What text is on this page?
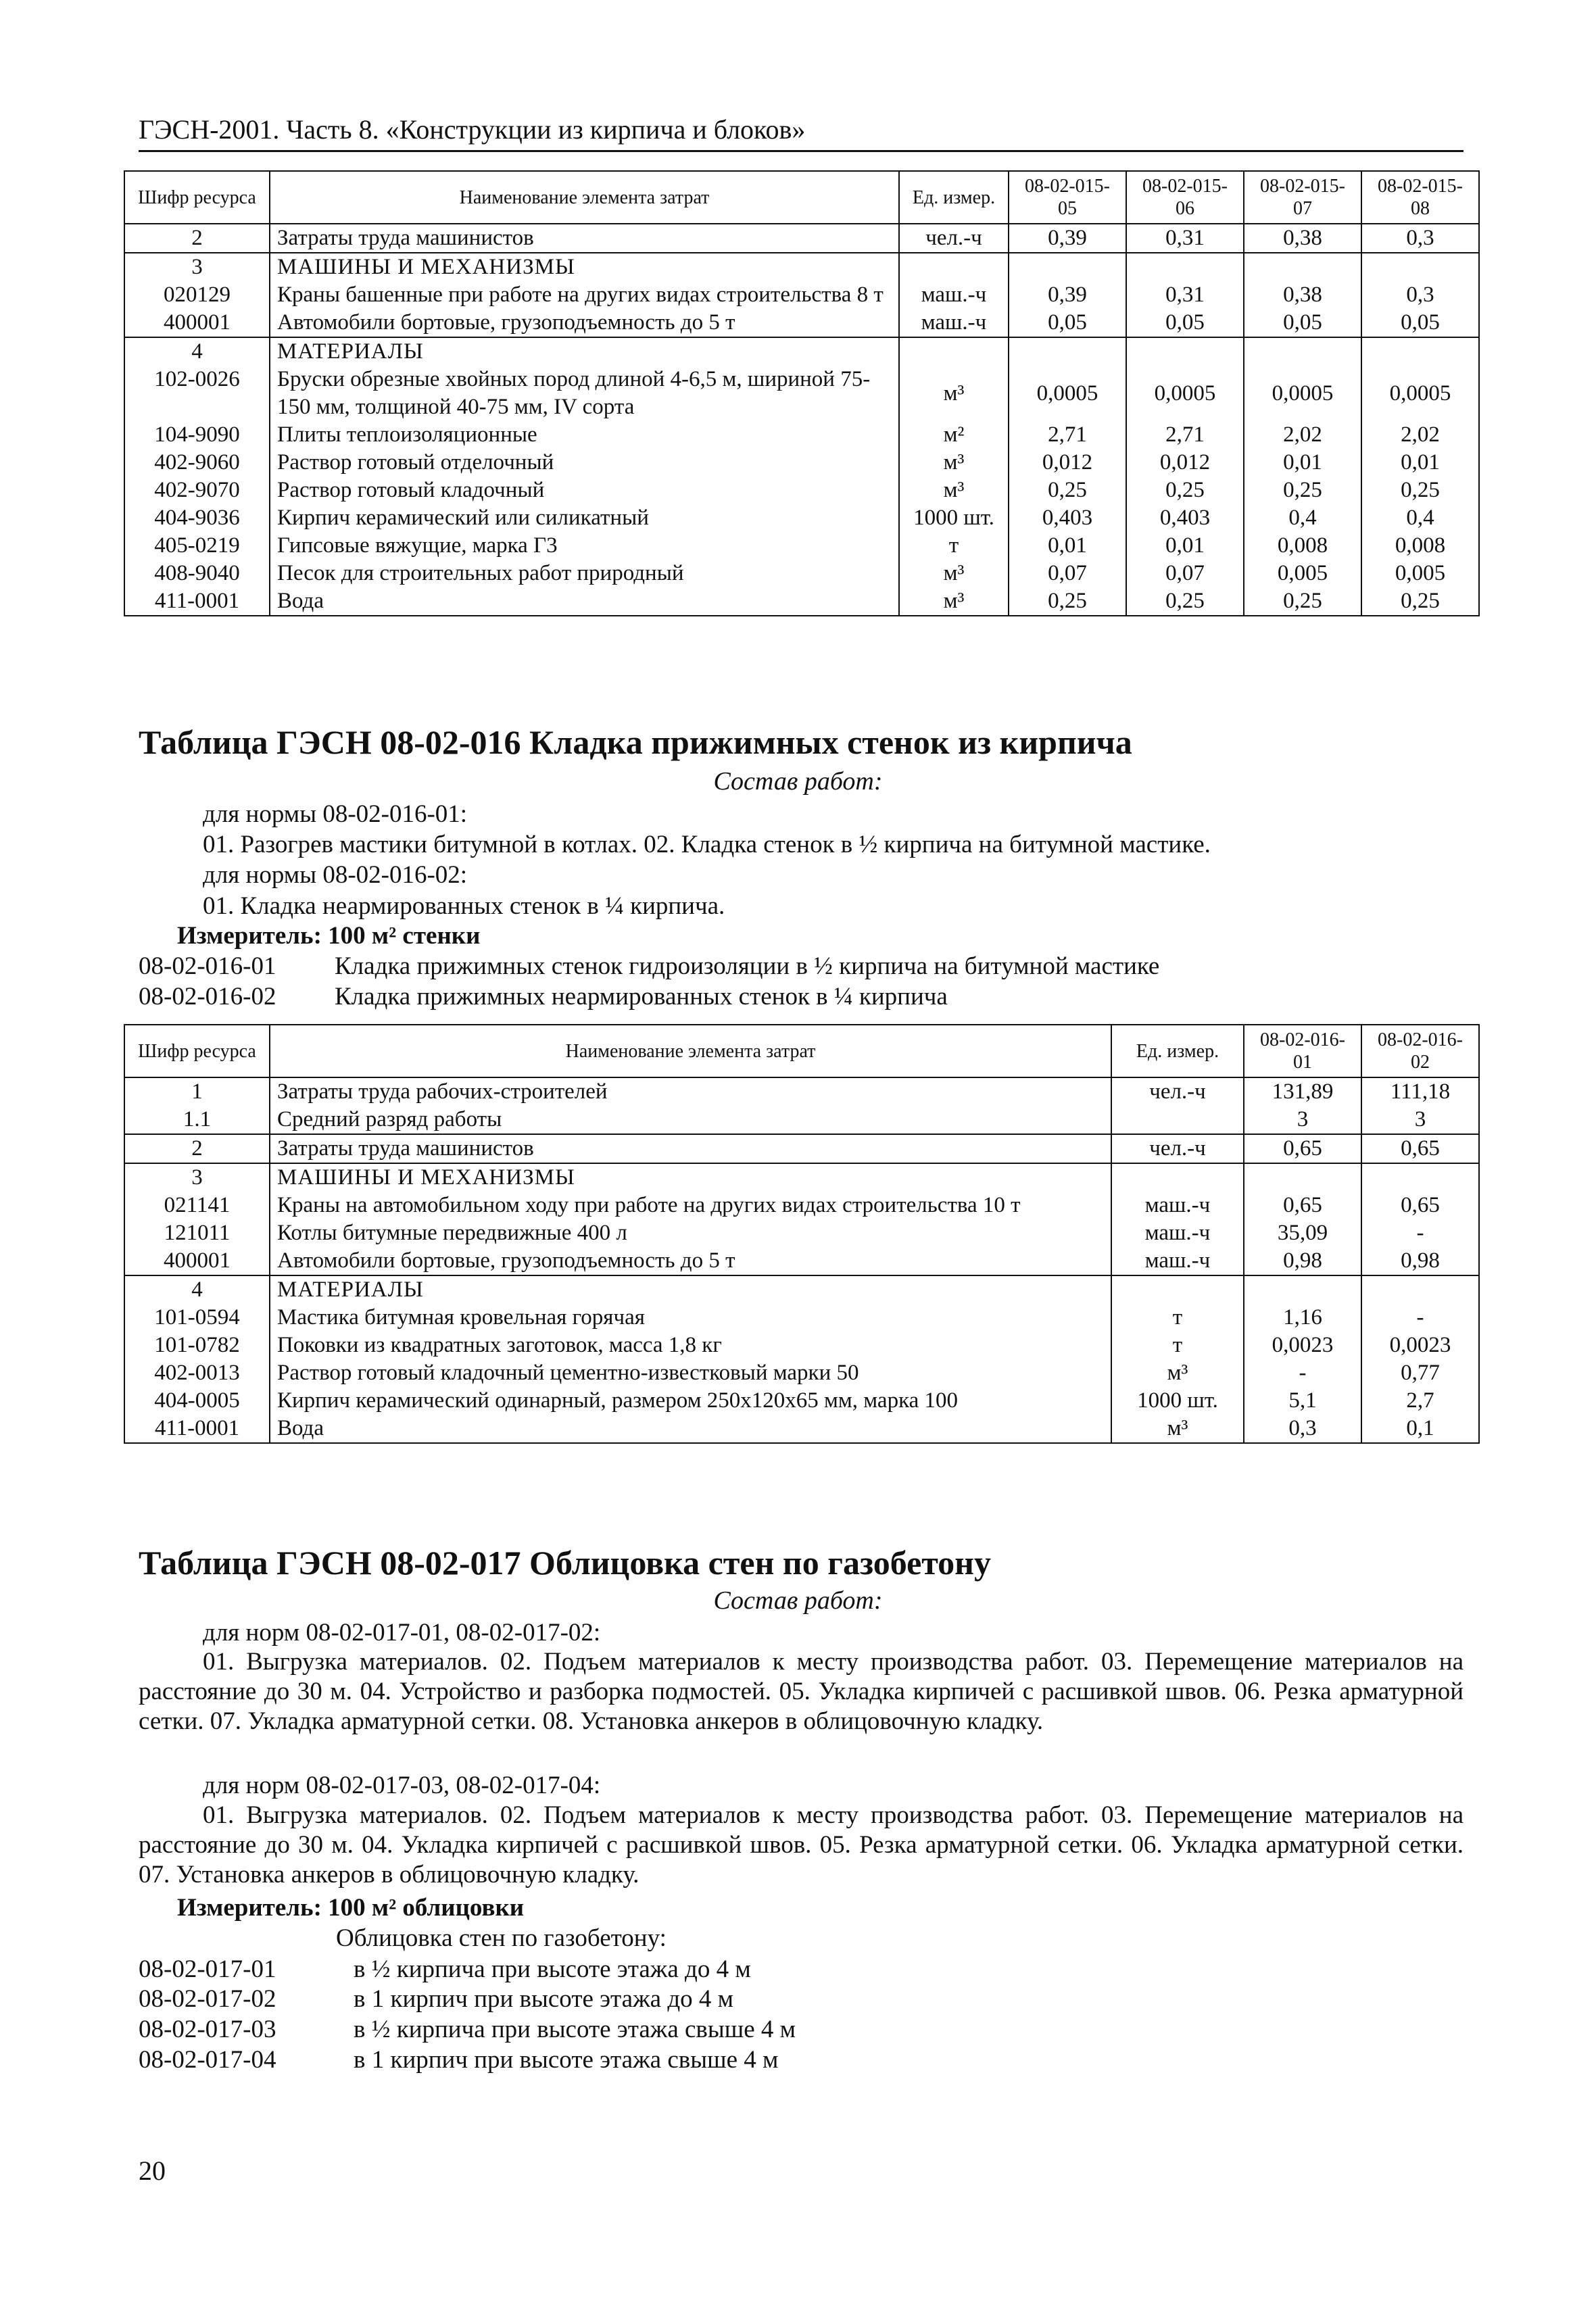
ГЭСН-2001. Часть 8. «Конструкции из кирпича и блоков»
Шифр ресурса	Наименование элемента затрат	Ед. измер.	08-02-015-05	08-02-015-06	08-02-015-07	08-02-015-08
2	Затраты труда машинистов	чел.-ч	0,39	0,31	0,38	0,3
3	МАШИНЫ И МЕХАНИЗМЫ					
020129	Краны башенные при работе на других видах строительства 8 т	маш.-ч	0,39	0,31	0,38	0,3
400001	Автомобили бортовые, грузоподъемность до 5 т	маш.-ч	0,05	0,05	0,05	0,05
4	МАТЕРИАЛЫ					
102-0026	Бруски обрезные хвойных пород длиной 4-6,5 м, шириной 75-150 мм, толщиной 40-75 мм, IV сорта	м³	0,0005	0,0005	0,0005	0,0005
104-9090	Плиты теплоизоляционные	м²	2,71	2,71	2,02	2,02
402-9060	Раствор готовый отделочный	м³	0,012	0,012	0,01	0,01
402-9070	Раствор готовый кладочный	м³	0,25	0,25	0,25	0,25
404-9036	Кирпич керамический или силикатный	1000 шт.	0,403	0,403	0,4	0,4
405-0219	Гипсовые вяжущие, марка Г3	т	0,01	0,01	0,008	0,008
408-9040	Песок для строительных работ природный	м³	0,07	0,07	0,005	0,005
411-0001	Вода	м³	0,25	0,25	0,25	0,25
Таблица ГЭСН 08-02-016 Кладка прижимных стенок из кирпича
Состав работ:
для нормы 08-02-016-01:
01. Разогрев мастики битумной в котлах. 02. Кладка стенок в ½ кирпича на битумной мастике.
для нормы 08-02-016-02:
01. Кладка неармированных стенок в ¼ кирпича.
Измеритель: 100 м² стенки
08-02-016-01 Кладка прижимных стенок гидроизоляции в ½ кирпича на битумной мастике
08-02-016-02 Кладка прижимных неармированных стенок в ¼ кирпича
Шифр ресурса	Наименование элемента затрат	Ед. измер.	08-02-016-01	08-02-016-02
1	Затраты труда рабочих-строителей	чел.-ч	131,89	111,18
1.1	Средний разряд работы		3	3
2	Затраты труда машинистов	чел.-ч	0,65	0,65
3	МАШИНЫ И МЕХАНИЗМЫ			
021141	Краны на автомобильном ходу при работе на других видах строительства 10 т	маш.-ч	0,65	0,65
121011	Котлы битумные передвижные 400 л	маш.-ч	35,09	-
400001	Автомобили бортовые, грузоподъемность до 5 т	маш.-ч	0,98	0,98
4	МАТЕРИАЛЫ			
101-0594	Мастика битумная кровельная горячая	т	1,16	-
101-0782	Поковки из квадратных заготовок, масса 1,8 кг	т	0,0023	0,0023
402-0013	Раствор готовый кладочный цементно-известковый марки 50	м³	-	0,77
404-0005	Кирпич керамический одинарный, размером 250x120x65 мм, марка 100	1000 шт.	5,1	2,7
411-0001	Вода	м³	0,3	0,1
Таблица ГЭСН 08-02-017 Облицовка стен по газобетону
Состав работ:
для норм 08-02-017-01, 08-02-017-02:
01. Выгрузка материалов. 02. Подъем материалов к месту производства работ. 03. Перемещение материалов на расстояние до 30 м. 04. Устройство и разборка подмостей. 05. Укладка кирпичей с расшивкой швов. 06. Резка арматурной сетки. 07. Укладка арматурной сетки. 08. Установка анкеров в облицовочную кладку.
для норм 08-02-017-03, 08-02-017-04:
01. Выгрузка материалов. 02. Подъем материалов к месту производства работ. 03. Перемещение материалов на расстояние до 30 м. 04. Укладка кирпичей с расшивкой швов. 05. Резка арматурной сетки. 06. Укладка арматурной сетки. 07. Установка анкеров в облицовочную кладку.
Измеритель: 100 м² облицовки
Облицовка стен по газобетону:
08-02-017-01	в ½ кирпича при высоте этажа до 4 м
08-02-017-02	в 1 кирпич при высоте этажа до 4 м
08-02-017-03	в ½ кирпича при высоте этажа свыше 4 м
08-02-017-04	в 1 кирпич при высоте этажа свыше 4 м
20
